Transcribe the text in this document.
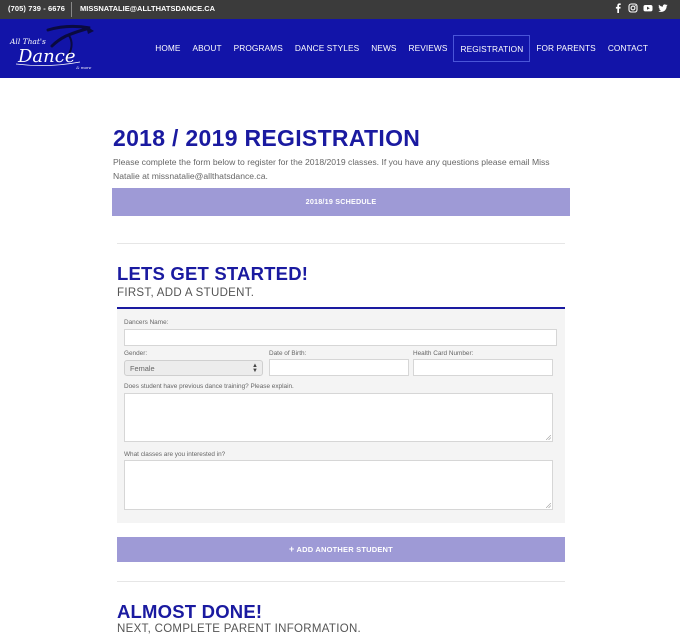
(705) 739 - 6676 MISSNATALIE@ALLTHATSDANCE.CA
All That's
Dance
& more
HOME	ABOUT	PROGRAMS	DANCE STYLES	NEWS	REVIEWS	REGISTRATION	FOR PARENTS	CONTACT
2018 / 2019 REGISTRATION

Please complete the form below to register for the 2018/2019 classes. If you have any questions please email Miss Natalie at missnatalie@allthatsdance.ca.

2018/19 SCHEDULE
LETS GET STARTED!
FIRST, ADD A STUDENT.
Dancers Name:
Gender:
Female	▲
▼
Date of Birth:	Health Card Number:
Does student have previous dance training? Please explain.
What classes are you interested in?
+ ADD ANOTHER STUDENT
ALMOST DONE!
NEXT, COMPLETE PARENT INFORMATION.
